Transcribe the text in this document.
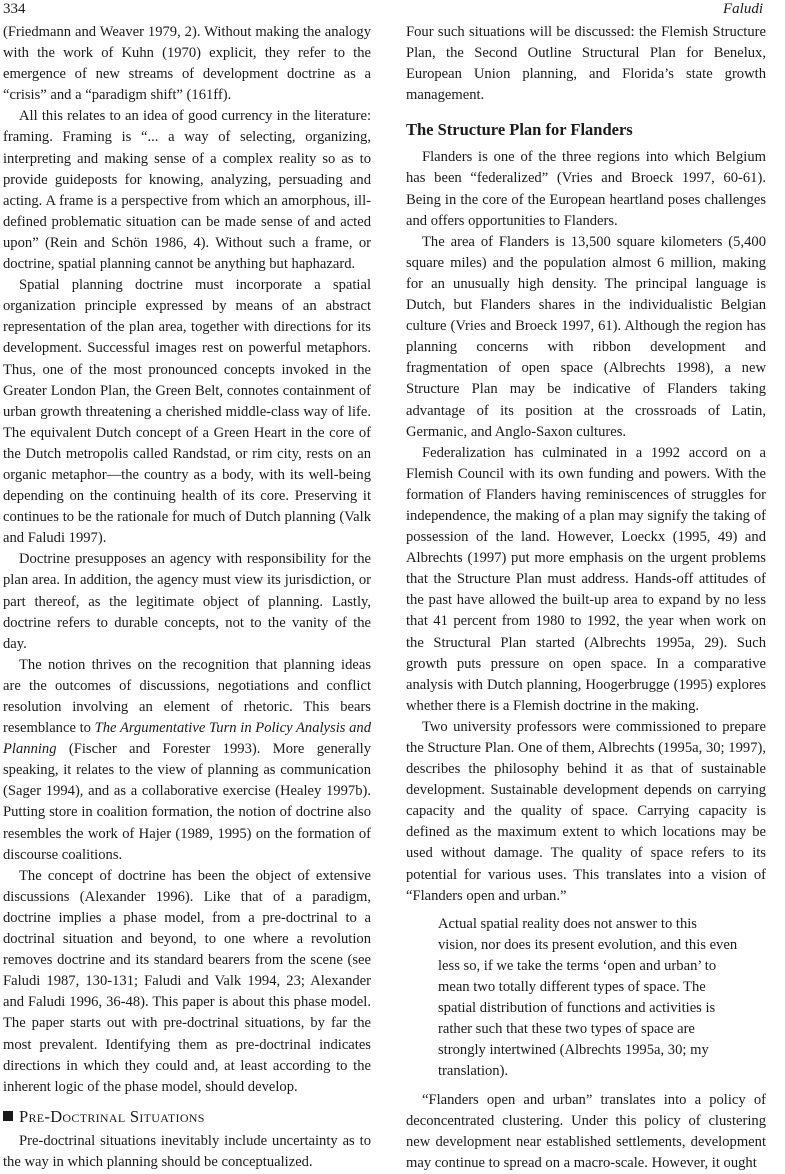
334	Faludi

(Friedmann and Weaver 1979, 2). Without making the analogy with the work of Kuhn (1970) explicit, they refer to the emergence of new streams of development doctrine as a “crisis” and a “paradigm shift” (161ff).

All this relates to an idea of good currency in the literature: framing. Framing is “... a way of selecting, organizing, interpreting and making sense of a complex reality so as to provide guideposts for knowing, analyzing, persuading and acting. A frame is a perspective from which an amorphous, ill-defined problematic situation can be made sense of and acted upon” (Rein and Schön 1986, 4). Without such a frame, or doctrine, spatial planning cannot be anything but haphazard.

Spatial planning doctrine must incorporate a spatial organization principle expressed by means of an abstract representation of the plan area, together with directions for its development. Successful images rest on powerful metaphors. Thus, one of the most pronounced concepts invoked in the Greater London Plan, the Green Belt, connotes containment of urban growth threatening a cherished middle-class way of life. The equivalent Dutch concept of a Green Heart in the core of the Dutch metropolis called Randstad, or rim city, rests on an organic metaphor—the country as a body, with its well-being depending on the continuing health of its core. Preserving it continues to be the rationale for much of Dutch planning (Valk and Faludi 1997).

Doctrine presupposes an agency with responsibility for the plan area. In addition, the agency must view its jurisdiction, or part thereof, as the legitimate object of planning. Lastly, doctrine refers to durable concepts, not to the vanity of the day.

The notion thrives on the recognition that planning ideas are the outcomes of discussions, negotiations and conflict resolution involving an element of rhetoric. This bears resemblance to The Argumentative Turn in Policy Analysis and Planning (Fischer and Forester 1993). More generally speaking, it relates to the view of planning as communication (Sager 1994), and as a collaborative exercise (Healey 1997b). Putting store in coalition formation, the notion of doctrine also resembles the work of Hajer (1989, 1995) on the formation of discourse coalitions.

The concept of doctrine has been the object of extensive discussions (Alexander 1996). Like that of a paradigm, doctrine implies a phase model, from a pre-doctrinal to a doctrinal situation and beyond, to one where a revolution removes doctrine and its standard bearers from the scene (see Faludi 1987, 130-131; Faludi and Valk 1994, 23; Alexander and Faludi 1996, 36-48). This paper is about this phase model. The paper starts out with pre-doctrinal situations, by far the most prevalent. Identifying them as pre-doctrinal indicates directions in which they could and, at least according to the inherent logic of the phase model, should develop.

Pre-Doctrinal Situations

Pre-doctrinal situations inevitably include uncertainty as to the way in which planning should be conceptualized.

Four such situations will be discussed: the Flemish Structure Plan, the Second Outline Structural Plan for Benelux, European Union planning, and Florida’s state growth management.

The Structure Plan for Flanders

Flanders is one of the three regions into which Belgium has been “federalized” (Vries and Broeck 1997, 60-61). Being in the core of the European heartland poses challenges and offers opportunities to Flanders.

The area of Flanders is 13,500 square kilometers (5,400 square miles) and the population almost 6 million, making for an unusually high density. The principal language is Dutch, but Flanders shares in the individualistic Belgian culture (Vries and Broeck 1997, 61). Although the region has planning concerns with ribbon development and fragmentation of open space (Albrechts 1998), a new Structure Plan may be indicative of Flanders taking advantage of its position at the crossroads of Latin, Germanic, and Anglo-Saxon cultures.

Federalization has culminated in a 1992 accord on a Flemish Council with its own funding and powers. With the formation of Flanders having reminiscences of struggles for independence, the making of a plan may signify the taking of possession of the land. However, Loeckx (1995, 49) and Albrechts (1997) put more emphasis on the urgent problems that the Structure Plan must address. Hands-off attitudes of the past have allowed the built-up area to expand by no less that 41 percent from 1980 to 1992, the year when work on the Structural Plan started (Albrechts 1995a, 29). Such growth puts pressure on open space. In a comparative analysis with Dutch planning, Hoogerbrugge (1995) explores whether there is a Flemish doctrine in the making.

Two university professors were commissioned to prepare the Structure Plan. One of them, Albrechts (1995a, 30; 1997), describes the philosophy behind it as that of sustainable development. Sustainable development depends on carrying capacity and the quality of space. Carrying capacity is defined as the maximum extent to which locations may be used without damage. The quality of space refers to its potential for various uses. This translates into a vision of “Flanders open and urban.”

Actual spatial reality does not answer to this vision, nor does its present evolution, and this even less so, if we take the terms ‘open and urban’ to mean two totally different types of space. The spatial distribution of functions and activities is rather such that these two types of space are strongly intertwined (Albrechts 1995a, 30; my translation).

“Flanders open and urban” translates into a policy of deconcentrated clustering. Under this policy of clustering new development near established settlements, development may continue to spread on a macro-scale. However, it ought
